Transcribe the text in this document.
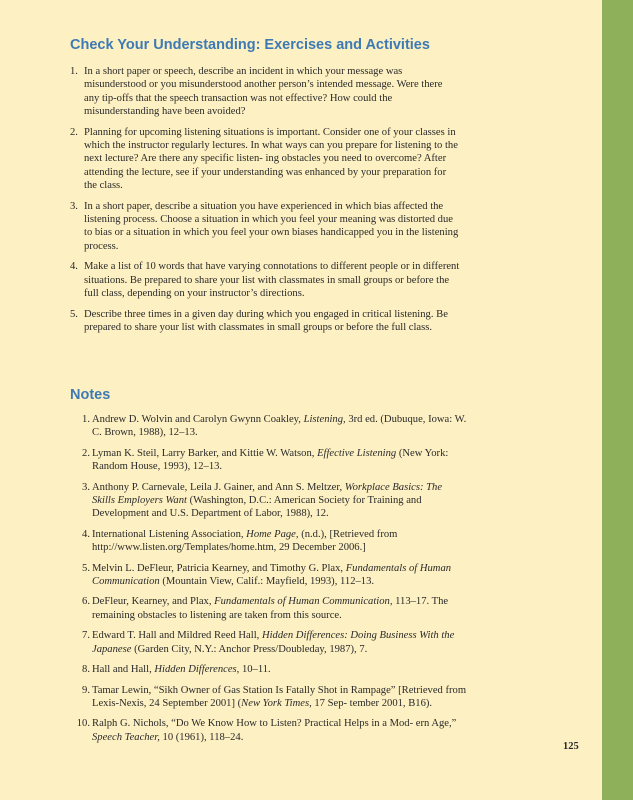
Check Your Understanding: Exercises and Activities
1. In a short paper or speech, describe an incident in which your message was misunderstood or you misunderstood another person’s intended message. Were there any tip-offs that the speech transaction was not effective? How could the misunderstanding have been avoided?
2. Planning for upcoming listening situations is important. Consider one of your classes in which the instructor regularly lectures. In what ways can you prepare for listening to the next lecture? Are there any specific listen- ing obstacles you need to overcome? After attending the lecture, see if your understanding was enhanced by your preparation for the class.
3. In a short paper, describe a situation you have experienced in which bias affected the listening process. Choose a situation in which you feel your meaning was distorted due to bias or a situation in which you feel your own biases handicapped you in the listening process.
4. Make a list of 10 words that have varying connotations to different people or in different situations. Be prepared to share your list with classmates in small groups or before the full class, depending on your instructor’s directions.
5. Describe three times in a given day during which you engaged in critical listening. Be prepared to share your list with classmates in small groups or before the full class.
Notes
1. Andrew D. Wolvin and Carolyn Gwynn Coakley, Listening, 3rd ed. (Dubuque, Iowa: W. C. Brown, 1988), 12–13.
2. Lyman K. Steil, Larry Barker, and Kittie W. Watson, Effective Listening (New York: Random House, 1993), 12–13.
3. Anthony P. Carnevale, Leila J. Gainer, and Ann S. Meltzer, Workplace Basics: The Skills Employers Want (Washington, D.C.: American Society for Training and Development and U.S. Department of Labor, 1988), 12.
4. International Listening Association, Home Page, (n.d.), [Retrieved from http://www.listen.org/Templates/home.htm, 29 December 2006.]
5. Melvin L. DeFleur, Patricia Kearney, and Timothy G. Plax, Fundamentals of Human Communication (Mountain View, Calif.: Mayfield, 1993), 112–13.
6. DeFleur, Kearney, and Plax, Fundamentals of Human Communication, 113–17. The remaining obstacles to listening are taken from this source.
7. Edward T. Hall and Mildred Reed Hall, Hidden Differences: Doing Business With the Japanese (Garden City, N.Y.: Anchor Press/Doubleday, 1987), 7.
8. Hall and Hall, Hidden Differences, 10–11.
9. Tamar Lewin, “Sikh Owner of Gas Station Is Fatally Shot in Rampage” [Retrieved from Lexis-Nexis, 24 September 2001] (New York Times, 17 Sep- tember 2001, B16).
10. Ralph G. Nichols, “Do We Know How to Listen? Practical Helps in a Mod- ern Age,” Speech Teacher, 10 (1961), 118–24.
125
